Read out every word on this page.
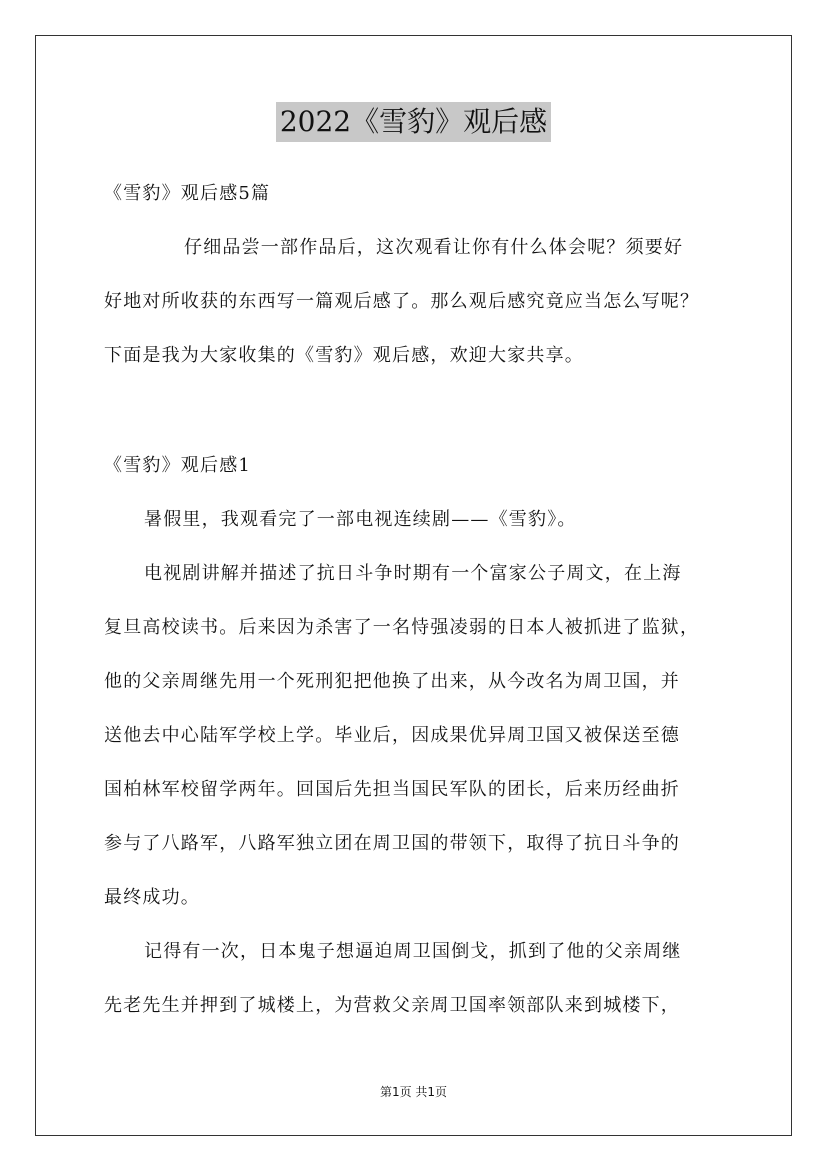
2022《雪豹》观后感
《雪豹》观后感5篇
仔细品尝一部作品后，这次观看让你有什么体会呢？须要好
好地对所收获的东西写一篇观后感了。那么观后感究竟应当怎么写呢？
下面是我为大家收集的《雪豹》观后感，欢迎大家共享。
《雪豹》观后感1
暑假里，我观看完了一部电视连续剧——《雪豹》。
电视剧讲解并描述了抗日斗争时期有一个富家公子周文，在上海
复旦高校读书。后来因为杀害了一名恃强凌弱的日本人被抓进了监狱，
他的父亲周继先用一个死刑犯把他换了出来，从今改名为周卫国，并
送他去中心陆军学校上学。毕业后，因成果优异周卫国又被保送至德
国柏林军校留学两年。回国后先担当国民军队的团长，后来历经曲折
参与了八路军，八路军独立团在周卫国的带领下，取得了抗日斗争的
最终成功。
记得有一次，日本鬼子想逼迫周卫国倒戈，抓到了他的父亲周继
先老先生并押到了城楼上，为营救父亲周卫国率领部队来到城楼下，
第1页 共1页
